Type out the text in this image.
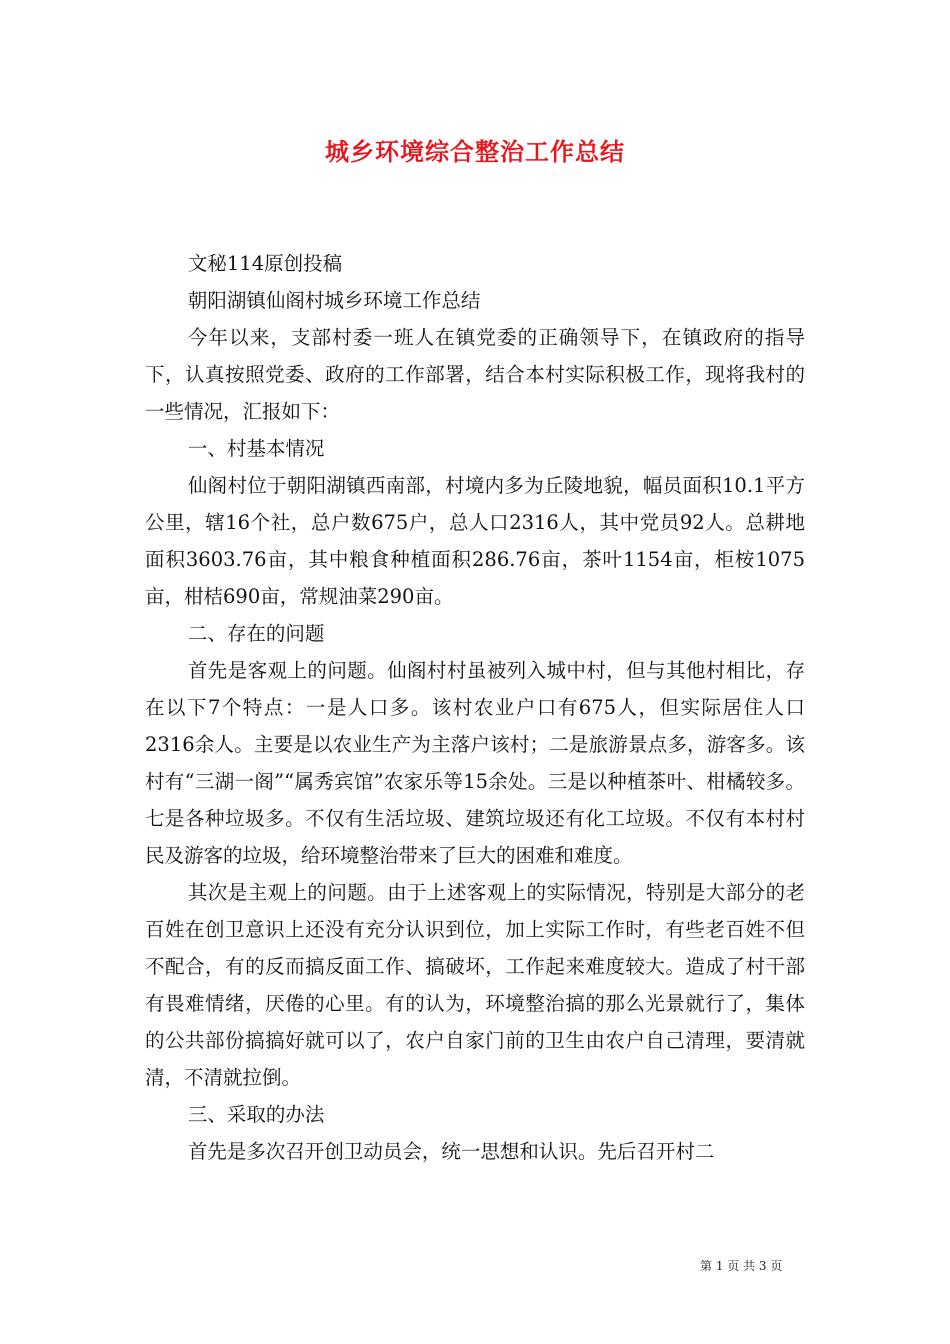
城乡环境综合整治工作总结

文秘114原创投稿

朝阳湖镇仙阁村城乡环境工作总结

今年以来，支部村委一班人在镇党委的正确领导下，在镇政府的指导下，认真按照党委、政府的工作部署，结合本村实际积极工作，现将我村的一些情况，汇报如下：

一、村基本情况

仙阁村位于朝阳湖镇西南部，村境内多为丘陵地貌，幅员面积10.1平方公里，辖16个社，总户数675户，总人口2316人，其中党员92人。总耕地面积3603.76亩，其中粮食种植面积286.76亩，茶叶1154亩，柜桉1075亩，柑桔690亩，常规油菜290亩。

二、存在的问题

首先是客观上的问题。仙阁村村虽被列入城中村，但与其他村相比，存在以下7个特点：一是人口多。该村农业户口有675人，但实际居住人口2316余人。主要是以农业生产为主落户该村；二是旅游景点多，游客多。该村有“三湖一阁”“属秀宾馆”农家乐等15余处。三是以种植茶叶、柑橘较多。七是各种垃圾多。不仅有生活垃圾、建筑垃圾还有化工垃圾。不仅有本村村民及游客的垃圾，给环境整治带来了巨大的困难和难度。

其次是主观上的问题。由于上述客观上的实际情况，特别是大部分的老百姓在创卫意识上还没有充分认识到位，加上实际工作时，有些老百姓不但不配合，有的反而搞反面工作、搞破坏，工作起来难度较大。造成了村干部有畏难情绪，厌倦的心里。有的认为，环境整治搞的那么光景就行了，集体的公共部份搞搞好就可以了，农户自家门前的卫生由农户自己清理，要清就清，不清就拉倒。

三、采取的办法

首先是多次召开创卫动员会，统一思想和认识。先后召开村二

第 1 页 共 3 页
